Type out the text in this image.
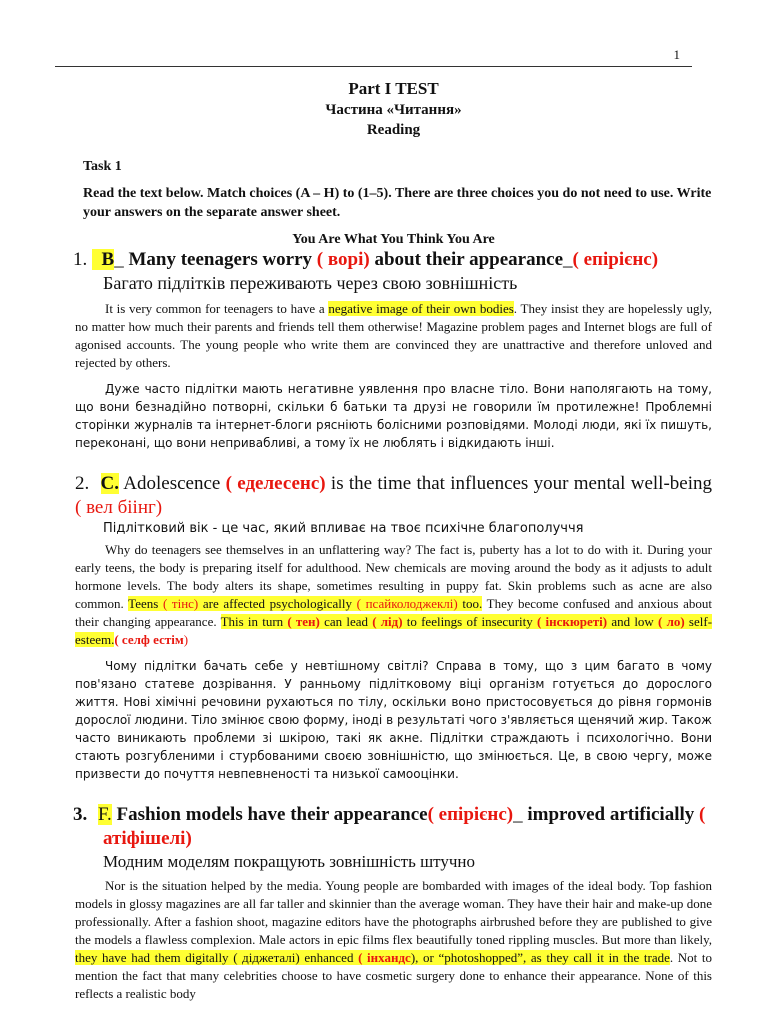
1
Part I TEST
Частина «Читання»
Reading
Task 1
Read the text below. Match choices (A – H) to (1–5). There are three choices you do not need to use. Write your answers on the separate answer sheet.
You Are What You Think You Are
1. B_ Many teenagers worry ( ворі) about their appearance_( епірієнс)
Багато підлітків переживають через свою зовнішність

It is very common for teenagers to have a negative image of their own bodies. They insist they are hopelessly ugly, no matter how much their parents and friends tell them otherwise! Magazine problem pages and Internet blogs are full of agonised accounts. The young people who write them are convinced they are unattractive and therefore unloved and rejected by others.

Дуже часто підлітки мають негативне уявлення про власне тіло. Вони наполягають на тому, що вони безнадійно потворні, скільки б батьки та друзі не говорили їм протилежне! Проблемні сторінки журналів та інтернет-блоги рясніють болісними розповідями. Молоді люди, які їх пишуть, переконані, що вони непривабливі, а тому їх не люблять і відкидають інші.

2. C. Adolescence ( еделесенс) is the time that influences your mental well-being ( вел біінг)
Підлітковий вік - це час, який впливає на твоє психічне благополуччя

Why do teenagers see themselves in an unflattering way? The fact is, puberty has a lot to do with it. During your early teens, the body is preparing itself for adulthood. New chemicals are moving around the body as it adjusts to adult hormone levels. The body alters its shape, sometimes resulting in puppy fat. Skin problems such as acne are also common. Teens ( тінс) are affected psychologically ( псайколоджеклі) too. They become confused and anxious about their changing appearance. This in turn ( тен) can lead ( лід) to feelings of insecurity ( інскюреті) and low ( ло) self-esteem.( селф естім)

Чому підлітки бачать себе у невтішному світлі? Справа в тому, що з цим багато в чому пов'язано статеве дозрівання. У ранньому підлітковому віці організм готується до дорослого життя. Нові хімічні речовини рухаються по тілу, оскільки воно пристосовується до рівня гормонів дорослої людини. Тіло змінює свою форму, іноді в результаті чого з'являється щенячий жир. Також часто виникають проблеми зі шкірою, такі як акне. Підлітки страждають і психологічно. Вони стають розгубленими і стурбованими своєю зовнішністю, що змінюється. Це, в свою чергу, може призвести до почуття невпевненості та низької самооцінки.

3. F. Fashion models have their appearance( епірієнс)_ improved artificially ( атіфішелі)
Модним моделям покращують зовнішність штучно

Nor is the situation helped by the media. Young people are bombarded with images of the ideal body. Top fashion models in glossy magazines are all far taller and skinnier than the average woman. They have their hair and make-up done professionally. After a fashion shoot, magazine editors have the photographs airbrushed before they are published to give the models a flawless complexion. Male actors in epic films flex beautifully toned rippling muscles. But more than likely, they have had them digitally ( діджеталі) enhanced ( інхандс), or “photoshopped”, as they call it in the trade. Not to mention the fact that many celebrities choose to have cosmetic surgery done to enhance their appearance. None of this reflects a realistic body
